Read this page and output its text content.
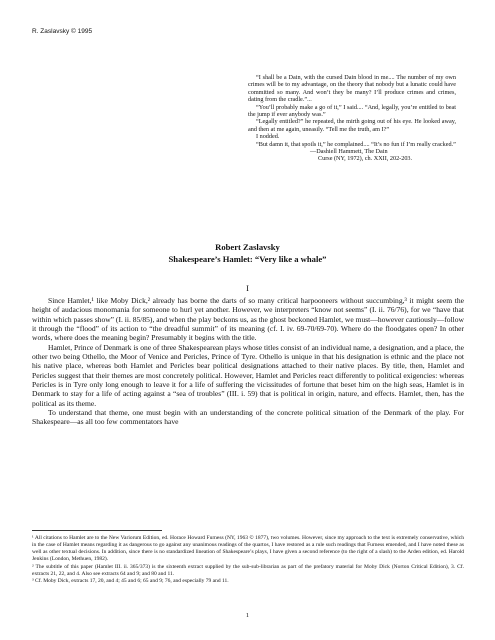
R. Zaslavsky © 1995

“I shall be a Dain, with the cursed Dain blood in me.... The number of my own crimes will be to my advantage, on the theory that nobody but a lunatic could have committed so many. And won’t they be many? I’ll produce crimes and crimes, dating from the cradle.”...

“You’ll probably make a go of it,” I said.... “And, legally, you’re entitled to beat the jump if ever anybody was.”

“Legally entitled?” he repeated, the mirth going out of his eye. He looked away, and then at me again, uneasily. “Tell me the truth, am I?”

I nodded.

“But damn it, that spoils it,” he complained.... “It’s no fun if I’m really cracked.”

—Dashiell Hammett, The Dain

Curse (NY, 1972), ch. XXII, 202-203.

Robert Zaslavsky
Shakespeare’s Hamlet: “Very like a whale”
I

Since Hamlet,¹ like Moby Dick,² already has borne the darts of so many critical harpooneers without succumbing,³ it might seem the height of audacious monomania for someone to hurl yet another. However, we interpreters “know not seems” (I. ii. 76/76), for we “have that within which passes show” (I. ii. 85/85), and when the play beckons us, as the ghost beckoned Hamlet, we must—however cautiously—follow it through the “flood” of its action to “the dreadful summit” of its meaning (cf. I. iv. 69-70/69-70). Where do the floodgates open? In other words, where does the meaning begin? Presumably it begins with the title.

Hamlet, Prince of Denmark is one of three Shakespearean plays whose titles consist of an individual name, a designation, and a place, the other two being Othello, the Moor of Venice and Pericles, Prince of Tyre. Othello is unique in that his designation is ethnic and the place not his native place, whereas both Hamlet and Pericles bear political designations attached to their native places. By title, then, Hamlet and Pericles suggest that their themes are most concretely political. However, Hamlet and Pericles react differently to political exigencies: whereas Pericles is in Tyre only long enough to leave it for a life of suffering the vicissitudes of fortune that beset him on the high seas, Hamlet is in Denmark to stay for a life of acting against a “sea of troubles” (III. i. 59) that is political in origin, nature, and effects. Hamlet, then, has the political as its theme.

To understand that theme, one must begin with an understanding of the concrete political situation of the Denmark of the play. For Shakespeare—as all too few commentators have

¹ All citations to Hamlet are to the New Variorum Edition, ed. Horace Howard Furness (NY, 1963 © 1877), two volumes. However, since my approach to the text is extremely conservative, which in the case of Hamlet means regarding it as dangerous to go against any unanimous readings of the quartos, I have restored as a rule such readings that Furness emended, and I have noted these as well as other textual decisions. In addition, since there is no standardized lineation of Shakespeare’s plays, I have given a second reference (to the right of a slash) to the Arden edition, ed. Harold Jenkins (London, Methuen, 1982).

² The subtitle of this paper (Hamlet III. ii. 365/373) is the sixteenth extract supplied by the sub-sub-librarian as part of the prefatory material for Moby Dick (Norton Critical Edition), 3. Cf. extracts 21, 22, and 4. Also see extracts 64 and 9; and 80 and 11.

³ Cf. Moby Dick, extracts 17, 20, and 4; 45 and 6; 65 and 9; 76, and especially 79 and 11.

1
